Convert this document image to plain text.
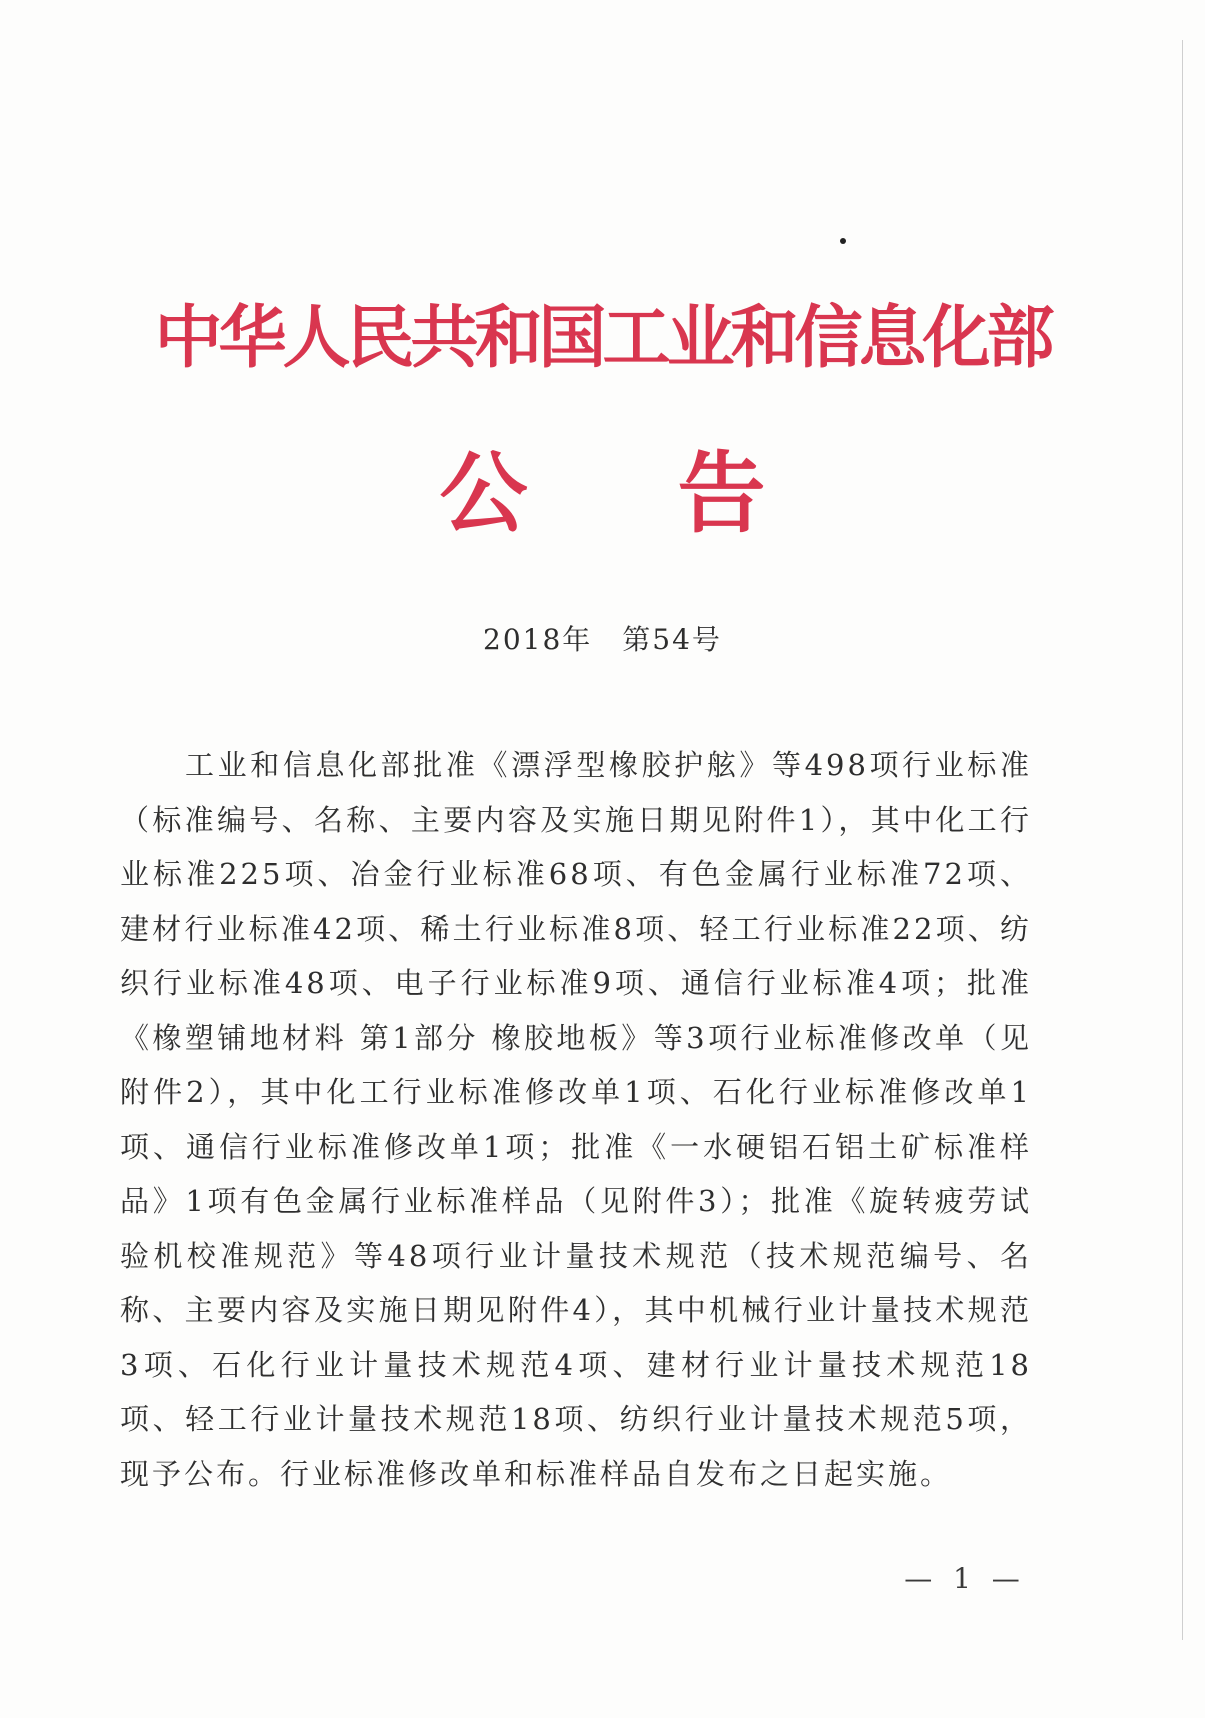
中华人民共和国工业和信息化部
公告
2018年　第54号

工业和信息化部批准《漂浮型橡胶护舷》等498项行业标准（标准编号、名称、主要内容及实施日期见附件1），其中化工行业标准225项、冶金行业标准68项、有色金属行业标准72项、建材行业标准42项、稀土行业标准8项、轻工行业标准22项、纺织行业标准48项、电子行业标准9项、通信行业标准4项；批准《橡塑铺地材料 第1部分 橡胶地板》等3项行业标准修改单（见附件2），其中化工行业标准修改单1项、石化行业标准修改单1项、通信行业标准修改单1项；批准《一水硬铝石铝土矿标准样品》1项有色金属行业标准样品（见附件3）；批准《旋转疲劳试验机校准规范》等48项行业计量技术规范（技术规范编号、名称、主要内容及实施日期见附件4），其中机械行业计量技术规范3项、石化行业计量技术规范4项、建材行业计量技术规范18项、轻工行业计量技术规范18项、纺织行业计量技术规范5项，现予公布。行业标准修改单和标准样品自发布之日起实施。

— 1 —
